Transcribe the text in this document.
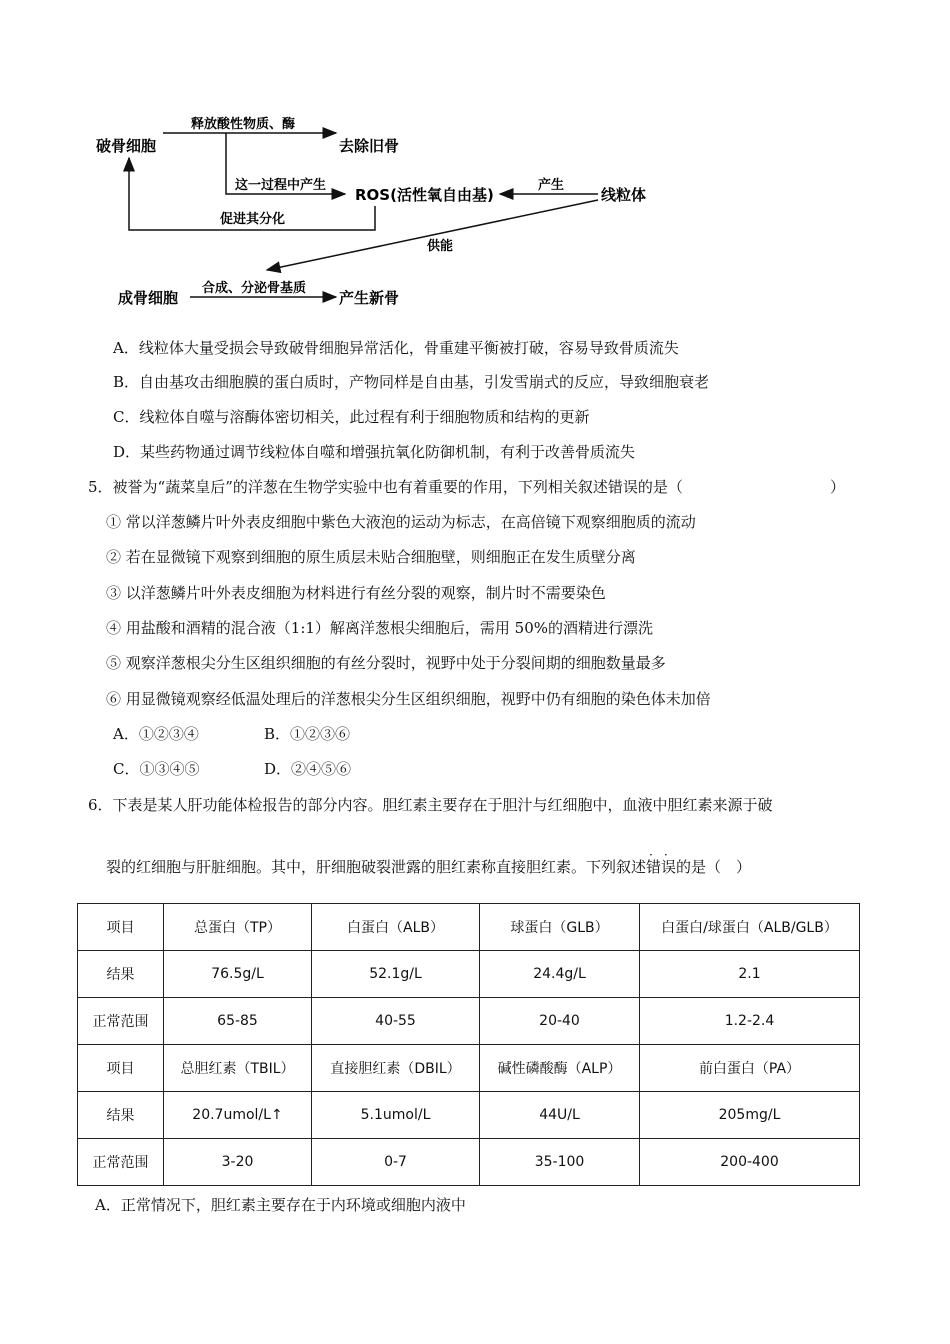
破骨细胞
释放酸性物质、酶
去除旧骨
这一过程中产生
ROS(活性氧自由基)
产生
线粒体
促进其分化
供能
成骨细胞
合成、分泌骨基质
产生新骨
A．线粒体大量受损会导致破骨细胞异常活化，骨重建平衡被打破，容易导致骨质流失
B．自由基攻击细胞膜的蛋白质时，产物同样是自由基，引发雪崩式的反应，导致细胞衰老
C．线粒体自噬与溶酶体密切相关，此过程有利于细胞物质和结构的更新
D．某些药物通过调节线粒体自噬和增强抗氧化防御机制，有利于改善骨质流失
5．被誉为“蔬菜皇后”的洋葱在生物学实验中也有着重要的作用，下列相关叙述错误的是（	）
① 常以洋葱鳞片叶外表皮细胞中紫色大液泡的运动为标志，在高倍镜下观察细胞质的流动
② 若在显微镜下观察到细胞的原生质层未贴合细胞壁，则细胞正在发生质壁分离
③ 以洋葱鳞片叶外表皮细胞为材料进行有丝分裂的观察，制片时不需要染色
④ 用盐酸和酒精的混合液（1:1）解离洋葱根尖细胞后，需用 50%的酒精进行漂洗
⑤ 观察洋葱根尖分生区组织细胞的有丝分裂时，视野中处于分裂间期的细胞数量最多
⑥ 用显微镜观察经低温处理后的洋葱根尖分生区组织细胞，视野中仍有细胞的染色体未加倍
A．①②③④	B．①②③⑥
C．①③④⑤	D．②④⑤⑥
6．下表是某人肝功能体检报告的部分内容。胆红素主要存在于胆汁与红细胞中，血液中胆红素来源于破
裂的红细胞与肝脏细胞。其中，肝细胞破裂泄露的胆红素称直接胆红素。下列叙述
· ·
错误的是（　）
项目	总蛋白（TP）	白蛋白（ALB）	球蛋白（GLB）	白蛋白/球蛋白（ALB/GLB）
结果	76.5g/L	52.1g/L	24.4g/L	2.1
正常范围	65-85	40-55	20-40	1.2-2.4
项目	总胆红素（TBIL）	直接胆红素（DBIL）	碱性磷酸酶（ALP）	前白蛋白（PA）
结果	20.7umol/L↑	5.1umol/L	44U/L	205mg/L
正常范围	3-20	0-7	35-100	200-400
A．正常情况下，胆红素主要存在于内环境或细胞内液中
